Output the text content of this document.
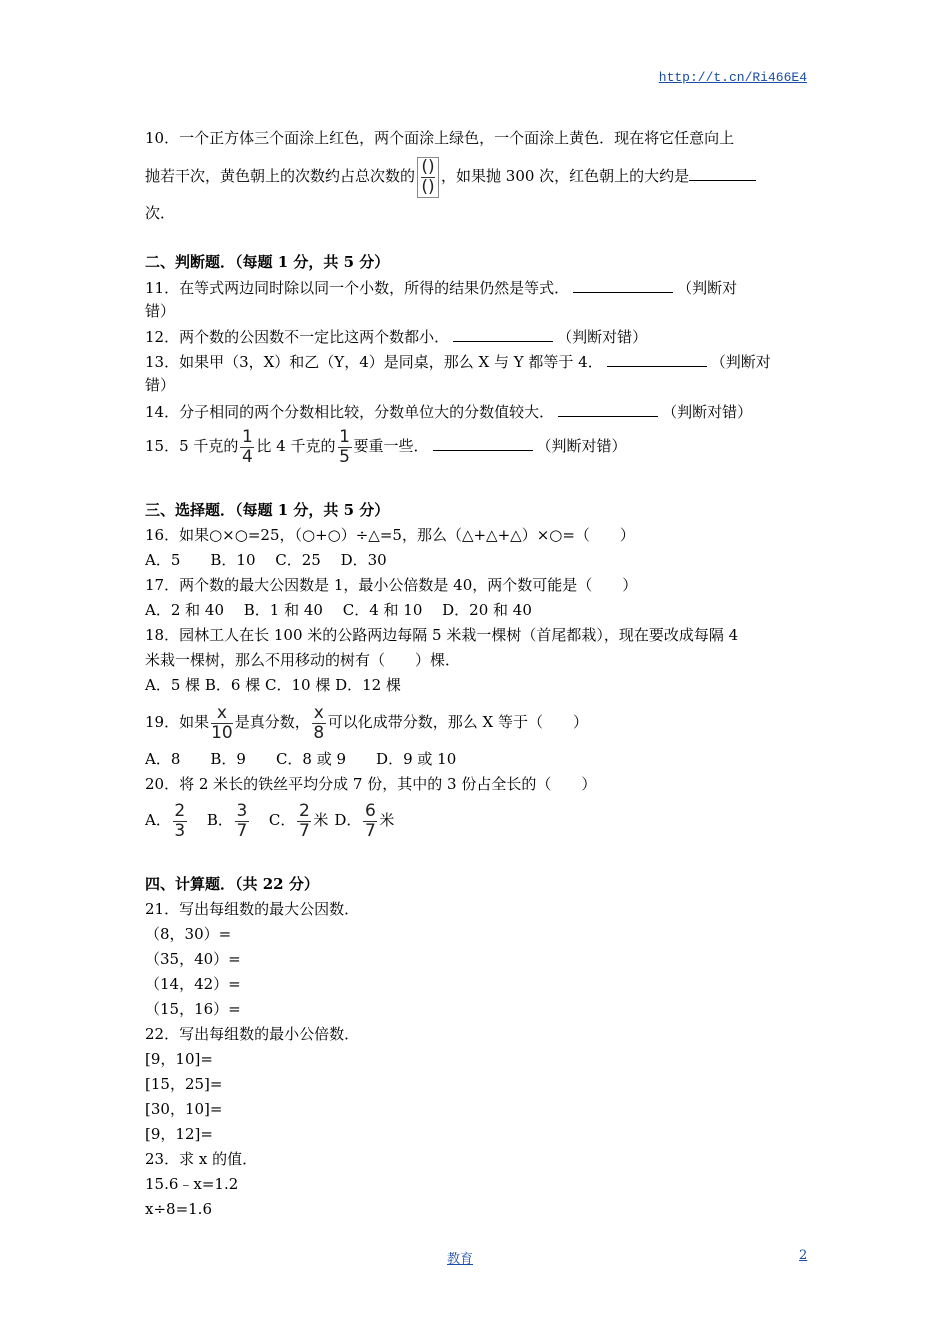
http://t.cn/Ri466E4
10．一个正方体三个面涂上红色，两个面涂上绿色，一个面涂上黄色．现在将它任意向上
抛若干次，黄色朝上的次数约占总次数的 $\frac{()}{()}$ ，如果抛 300 次，红色朝上的大约是
次．
二、判断题．（每题 1 分，共 5 分）
11．在等式两边同时除以同一个小数，所得的结果仍然是等式．	（判断对
错）
12．两个数的公因数不一定比这两个数都小．	（判断对错）
13．如果甲（3，X）和乙（Y，4）是同桌，那么 X 与 Y 都等于 4．	（判断对
错）
14．分子相同的两个分数相比较，分数单位大的分数值较大．	（判断对错）
15．5 千克的 $\frac{1}{4}$ 比 4 千克的 $\frac{1}{5}$ 要重一些．	（判断对错）
三、选择题．（每题 1 分，共 5 分）
16．如果○×○=25，（○+○）÷△=5，那么（△+△+△）×○=（　　）
A．5　　B．10　 C．25　 D．30
17．两个数的最大公因数是 1，最小公倍数是 40，两个数可能是（　　）
A．2 和 40　 B．1 和 40　 C．4 和 10　 D．20 和 40
18．园林工人在长 100 米的公路两边每隔 5 米栽一棵树（首尾都栽），现在要改成每隔 4
米栽一棵树，那么不用移动的树有（　　）棵．
A．5 棵 B．6 棵 C．10 棵 D．12 棵
19．如果 $\frac{x}{10}$ 是真分数， $\frac{x}{8}$ 可以化成带分数，那么 X 等于（　　）
A．8　　B．9　　C．8 或 9　　D．9 或 10
20．将 2 米长的铁丝平均分成 7 份，其中的 3 份占全长的（　　）
A． $\frac{2}{3}$ B． $\frac{3}{7}$ C． $\frac{2}{7}$ 米 D． $\frac{6}{7}$ 米
四、计算题．（共 22 分）
21．写出每组数的最大公因数．
（8，30）=
（35，40）=
（14，42）=
（15，16）=
22．写出每组数的最小公倍数．
[9，10]=
[15，25]=
[30，10]=
[9，12]=
23．求 x 的值．
15.6﹣x=1.2
x÷8=1.6
教育	2
